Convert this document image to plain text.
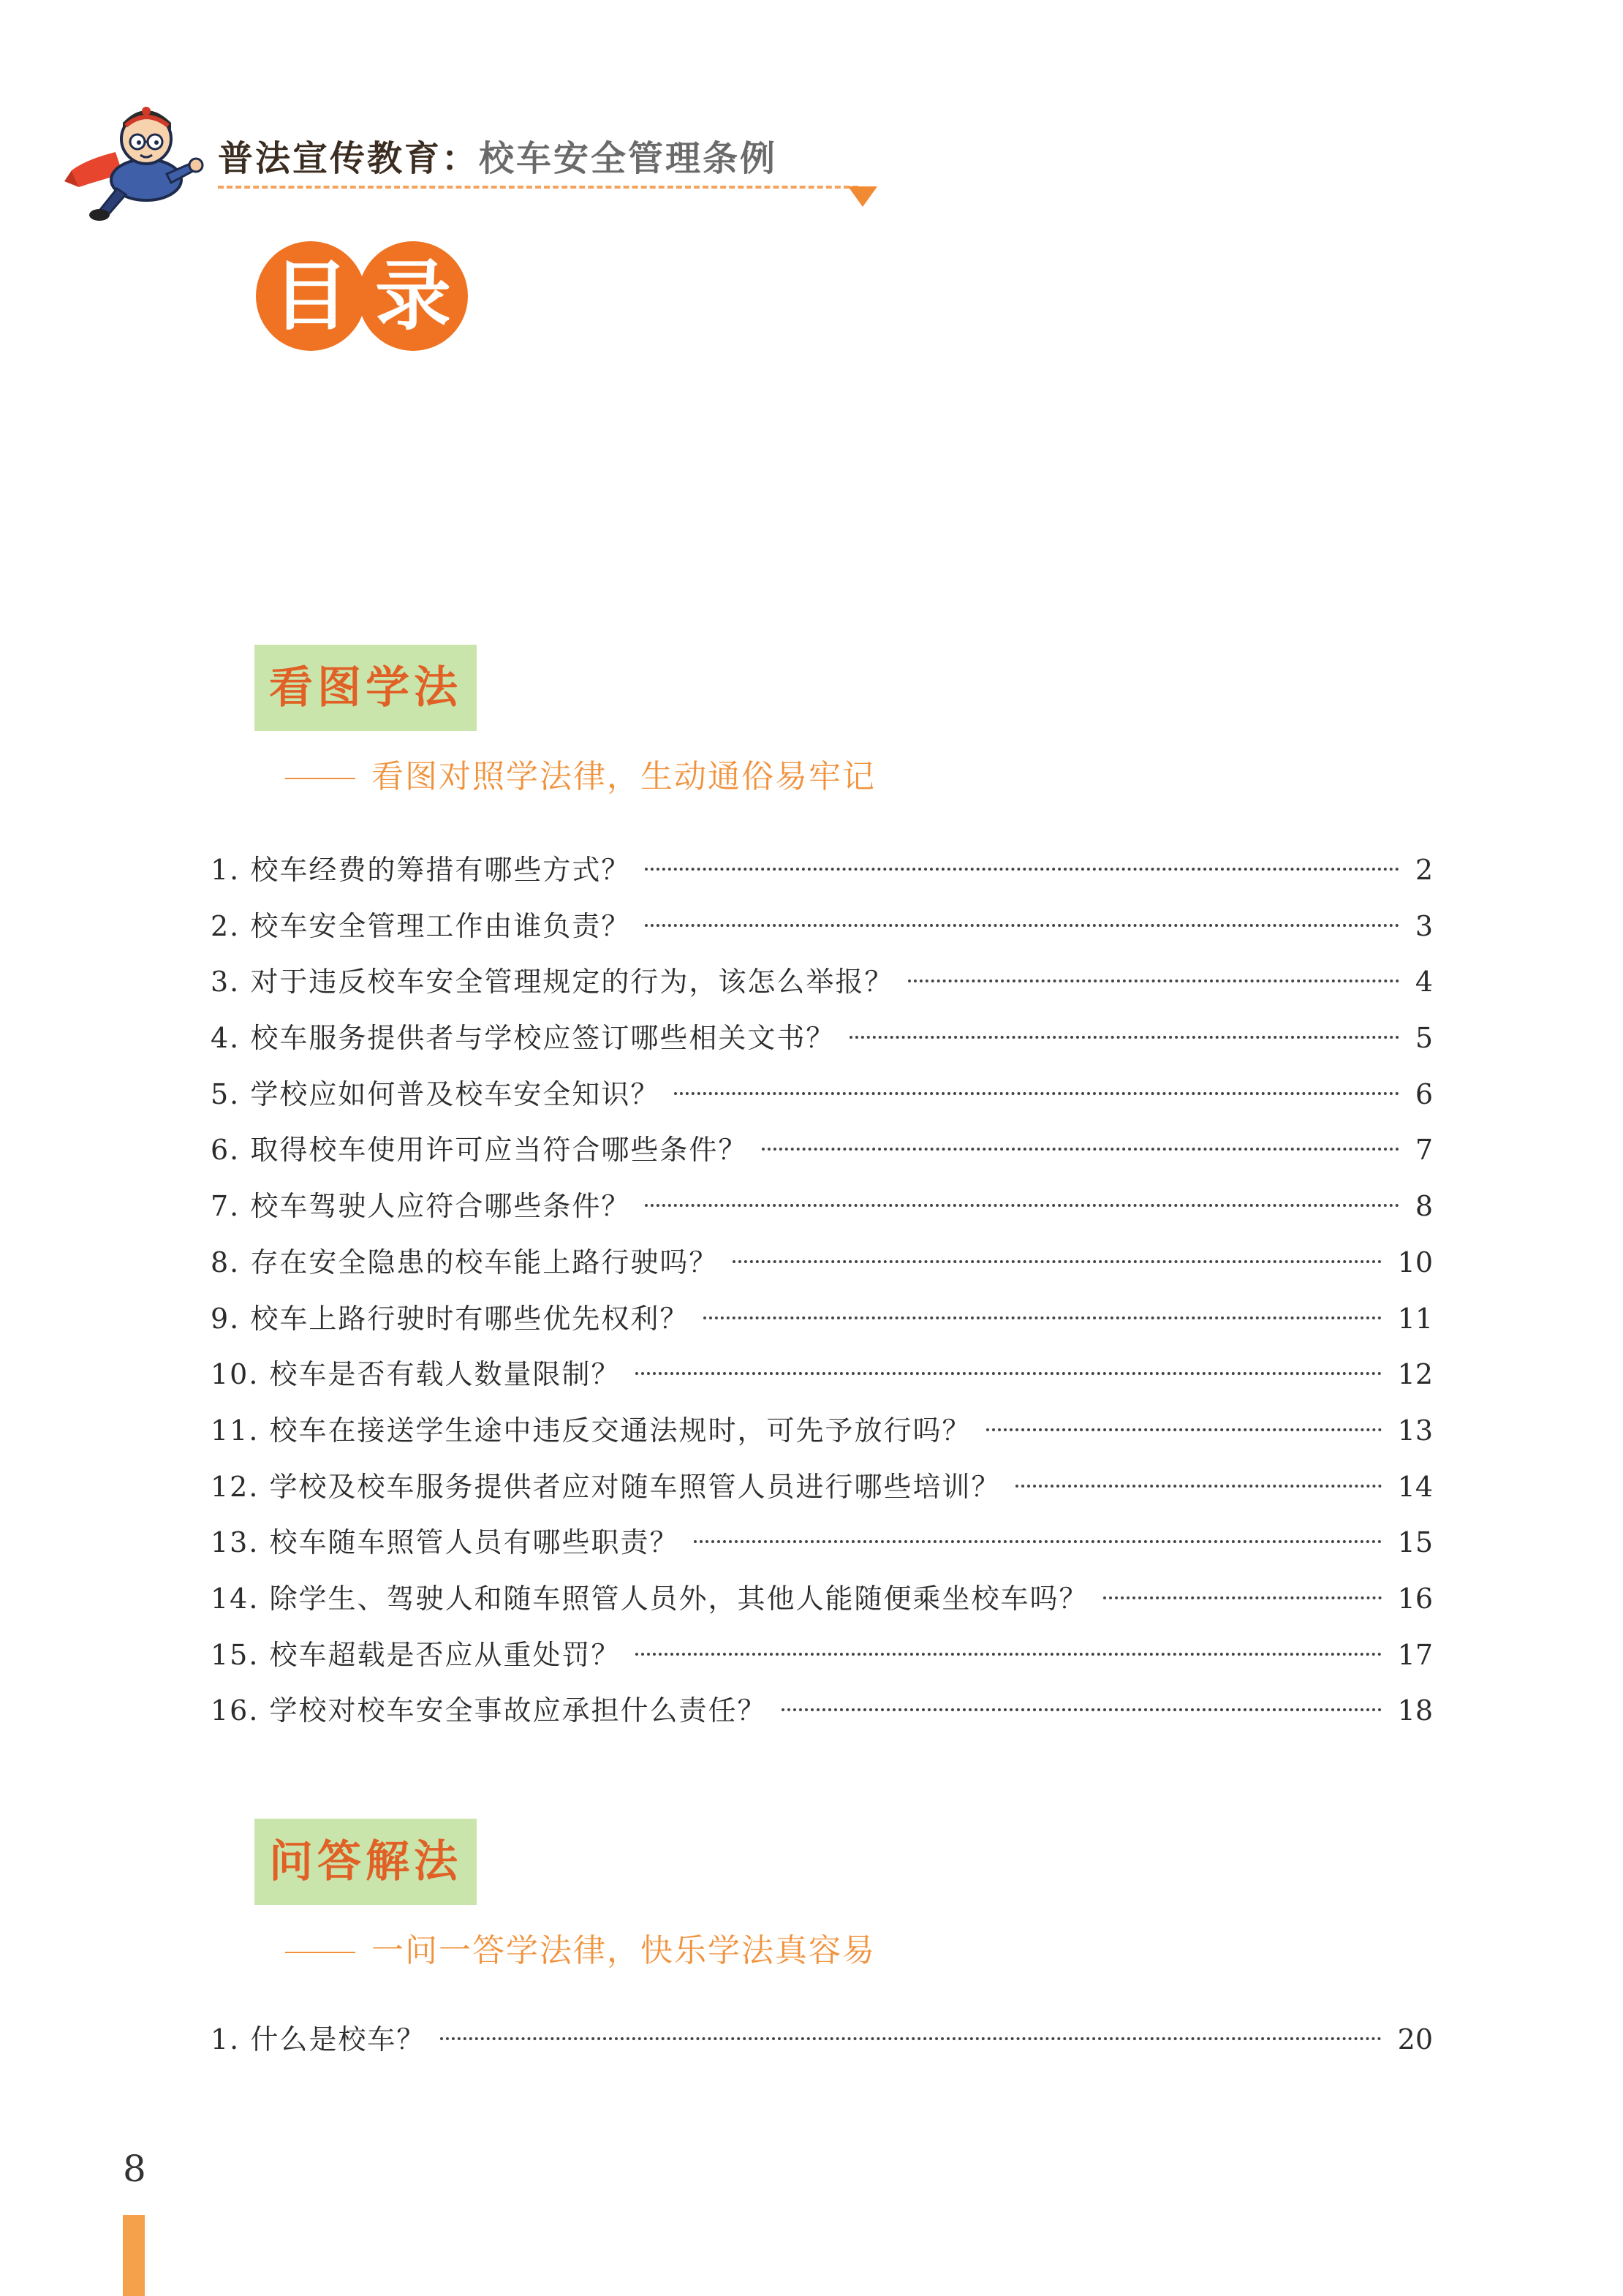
普法宣传教育：校车安全管理条例
目 录
看图学法
看图对照学法律，生动通俗易牢记
1. 校车经费的筹措有哪些方式？	2
2. 校车安全管理工作由谁负责？	3
3. 对于违反校车安全管理规定的行为，该怎么举报？	4
4. 校车服务提供者与学校应签订哪些相关文书？	5
5. 学校应如何普及校车安全知识？	6
6. 取得校车使用许可应当符合哪些条件？	7
7. 校车驾驶人应符合哪些条件？	8
8. 存在安全隐患的校车能上路行驶吗？	10
9. 校车上路行驶时有哪些优先权利？	11
10. 校车是否有载人数量限制？	12
11. 校车在接送学生途中违反交通法规时，可先予放行吗？	13
12. 学校及校车服务提供者应对随车照管人员进行哪些培训？	14
13. 校车随车照管人员有哪些职责？	15
14. 除学生、驾驶人和随车照管人员外，其他人能随便乘坐校车吗？	16
15. 校车超载是否应从重处罚？	17
16. 学校对校车安全事故应承担什么责任？	18
问答解法
一问一答学法律，快乐学法真容易
1. 什么是校车？	20
8
